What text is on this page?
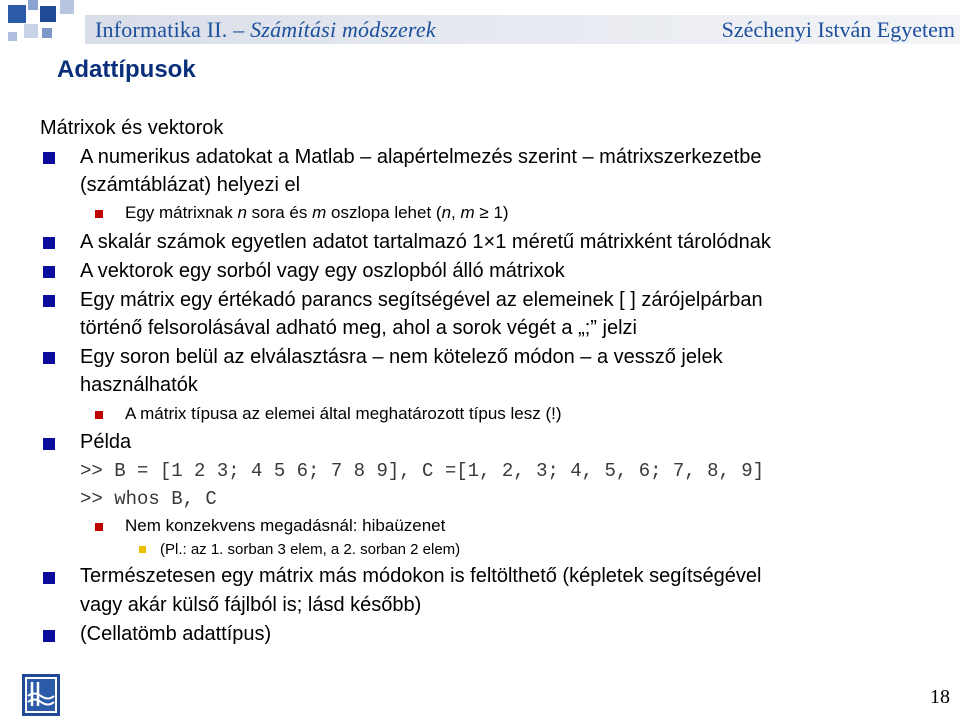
Informatika II. – Számítási módszerek	Széchenyi István Egyetem
Adattípusok
Mátrixok és vektorok
A numerikus adatokat a Matlab – alapértelmezés szerint – mátrixszerkezetbe
(számtáblázat) helyezi el
Egy mátrixnak n sora és m oszlopa lehet (n, m ≥ 1)
A skalár számok egyetlen adatot tartalmazó 1×1 méretű mátrixként tárolódnak
A vektorok egy sorból vagy egy oszlopból álló mátrixok
Egy mátrix egy értékadó parancs segítségével az elemeinek [ ] zárójelpárban
történő felsorolásával adható meg, ahol a sorok végét a „;” jelzi
Egy soron belül az elválasztásra – nem kötelező módon – a vessző jelek
használhatók
A mátrix típusa az elemei által meghatározott típus lesz (!)
Példa
>> B = [1 2 3; 4 5 6; 7 8 9], C =[1, 2, 3; 4, 5, 6; 7, 8, 9]
>> whos B, C
Nem konzekvens megadásnál: hibaüzenet
(Pl.: az 1. sorban 3 elem, a 2. sorban 2 elem)
Természetesen egy mátrix más módokon is feltölthető (képletek segítségével
vagy akár külső fájlból is; lásd később)
(Cellatömb adattípus)
18
